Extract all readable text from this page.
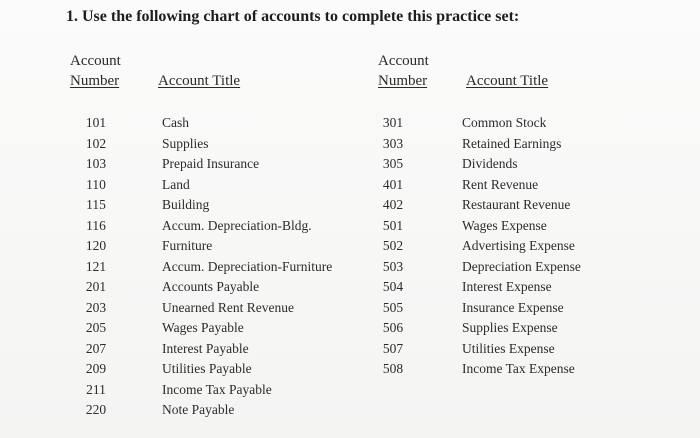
1. Use the following chart of accounts to complete this practice set:
Account
Number	Account Title
Account
Number	Account Title
101
102
103
110
115
116
120
121
201
203
205
207
209
211
220
Cash
Supplies
Prepaid Insurance
Land
Building
Accum. Depreciation-Bldg.
Furniture
Accum. Depreciation-Furniture
Accounts Payable
Unearned Rent Revenue
Wages Payable
Interest Payable
Utilities Payable
Income Tax Payable
Note Payable
301
303
305
401
402
501
502
503
504
505
506
507
508
Common Stock
Retained Earnings
Dividends
Rent Revenue
Restaurant Revenue
Wages Expense
Advertising Expense
Depreciation Expense
Interest Expense
Insurance Expense
Supplies Expense
Utilities Expense
Income Tax Expense
